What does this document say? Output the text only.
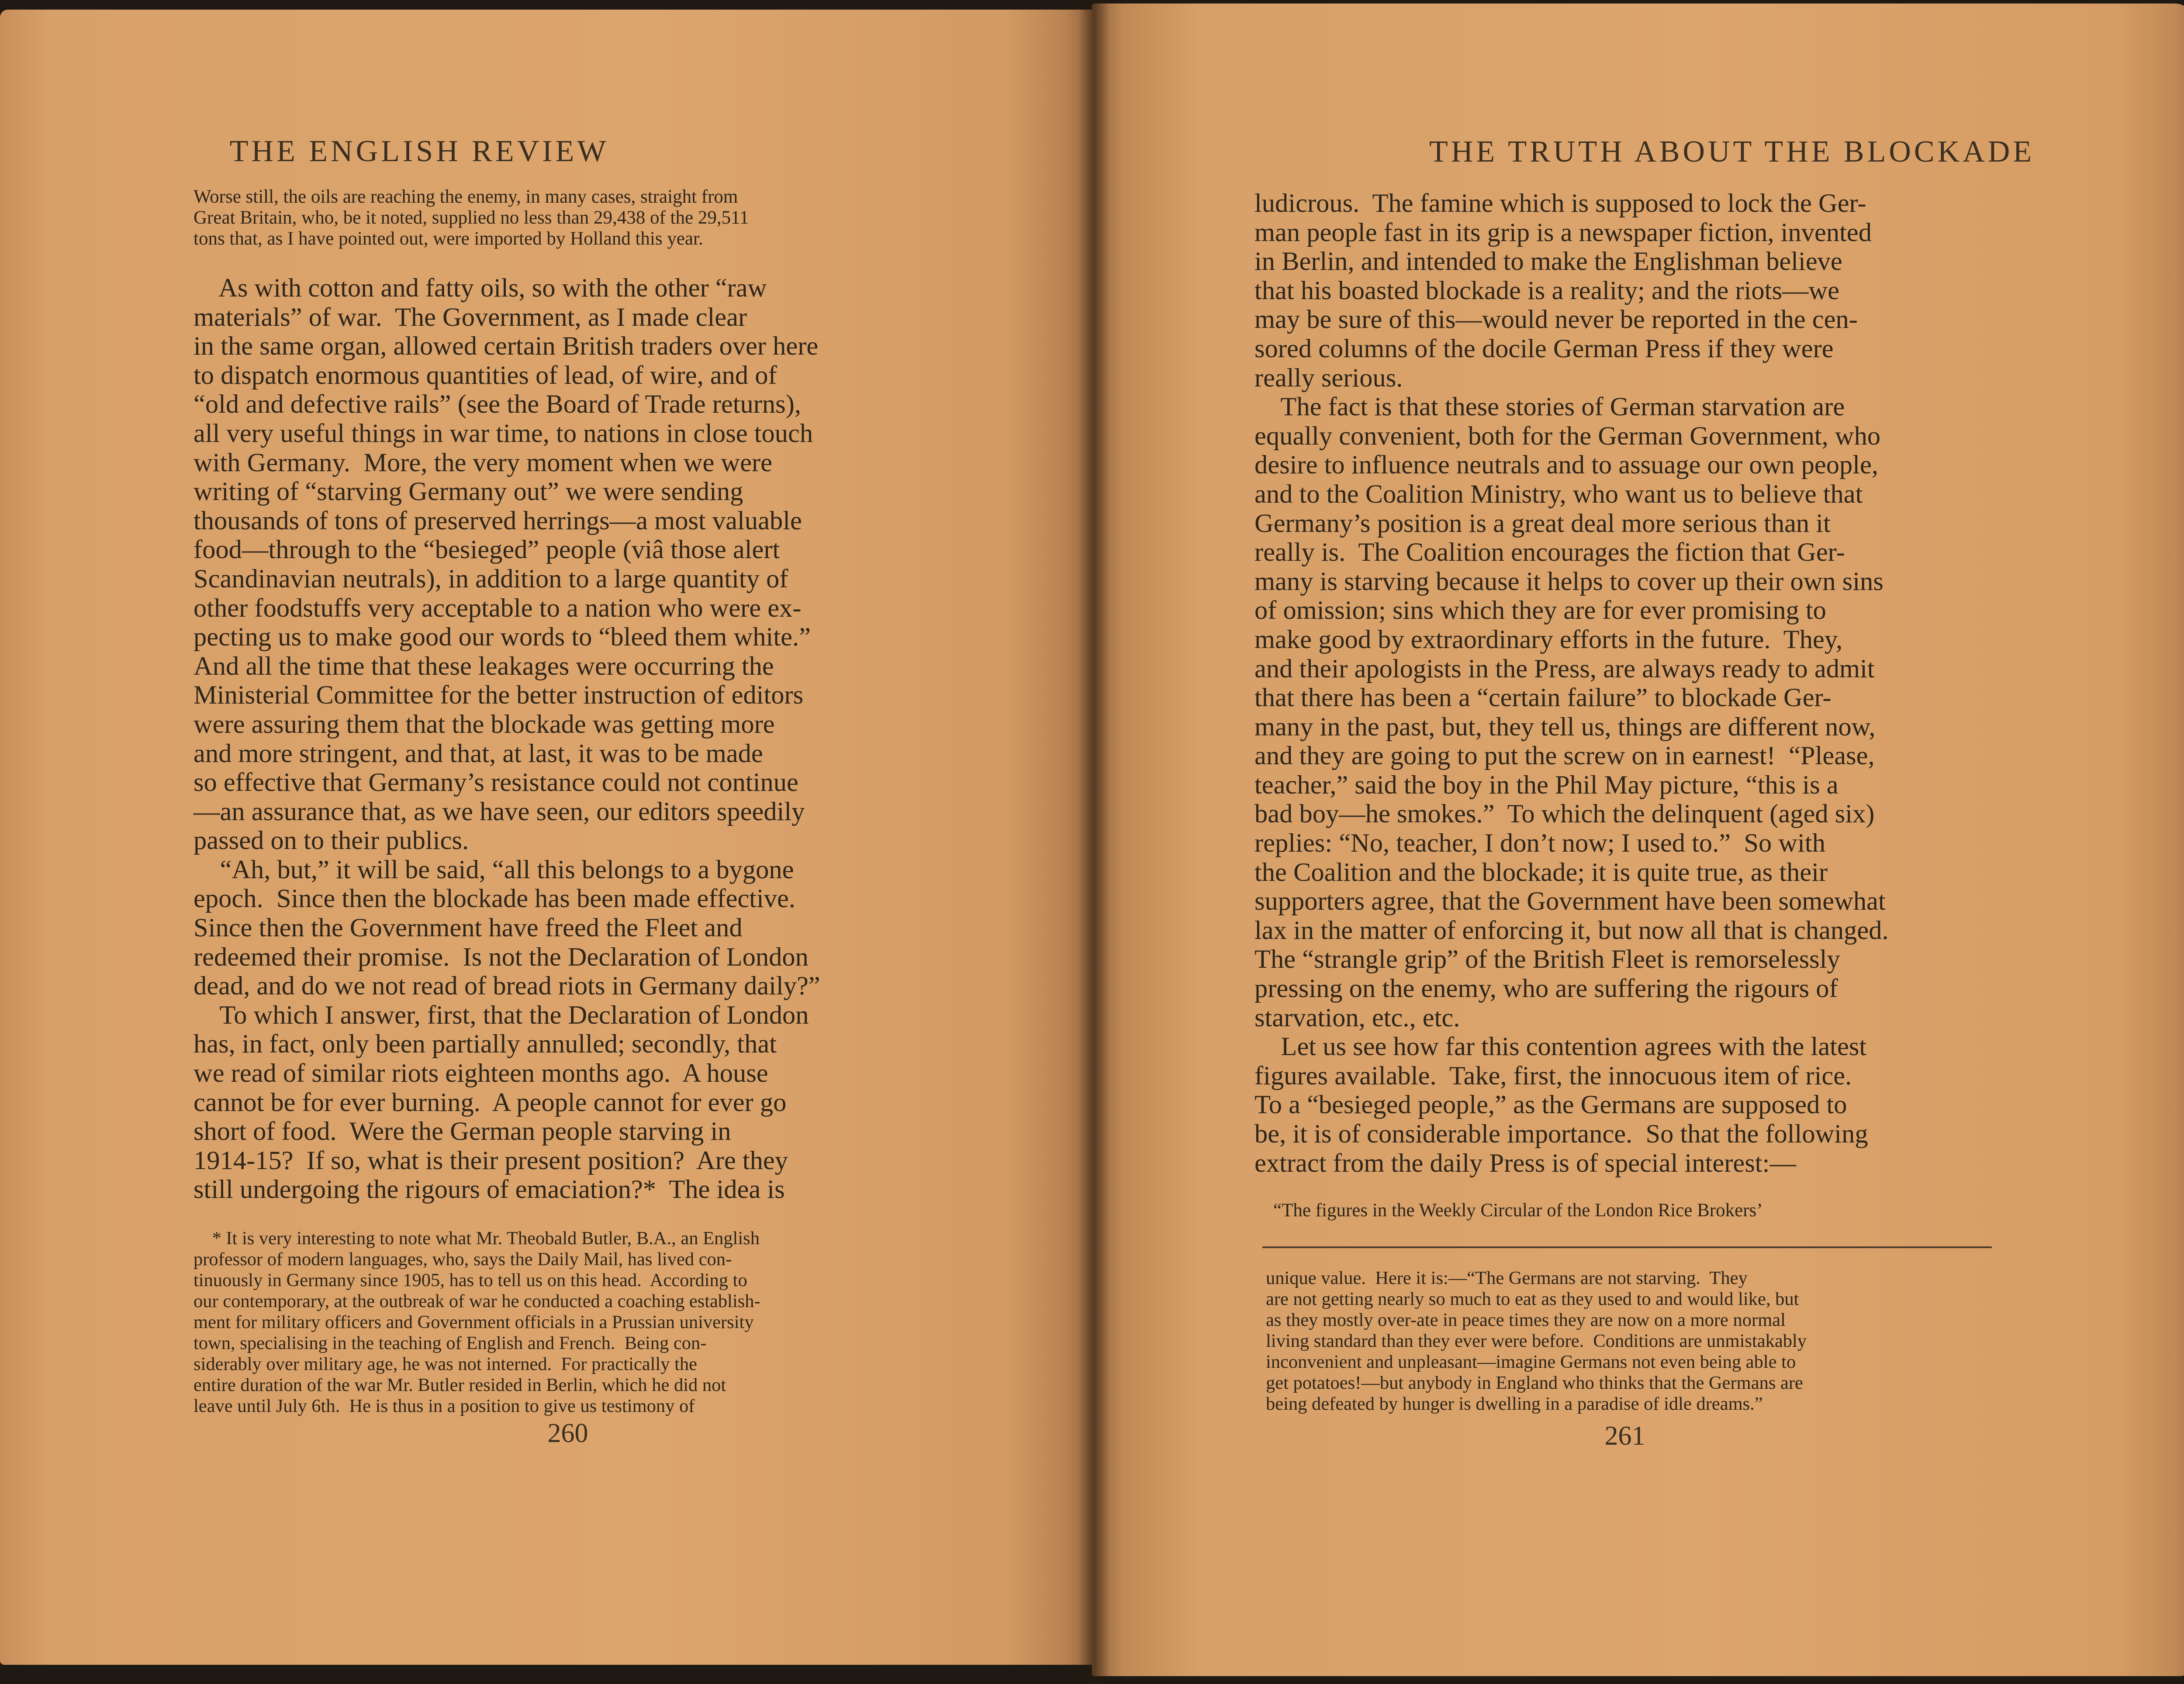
THE ENGLISH REVIEW
Worse still, the oils are reaching the enemy, in many cases, straight from
Great Britain, who, be it noted, supplied no less than 29,438 of the 29,511
tons that, as I have pointed out, were imported by Holland this year.
As with cotton and fatty oils, so with the other “raw
materials” of war.  The Government, as I made clear
in the same organ, allowed certain British traders over here
to dispatch enormous quantities of lead, of wire, and of
“old and defective rails” (see the Board of Trade returns),
all very useful things in war time, to nations in close touch
with Germany.  More, the very moment when we were
writing of “starving Germany out” we were sending
thousands of tons of preserved herrings—a most valuable
food—through to the “besieged” people (viâ those alert
Scandinavian neutrals), in addition to a large quantity of
other foodstuffs very acceptable to a nation who were ex-
pecting us to make good our words to “bleed them white.”
And all the time that these leakages were occurring the
Ministerial Committee for the better instruction of editors
were assuring them that the blockade was getting more
and more stringent, and that, at last, it was to be made
so effective that Germany’s resistance could not continue
—an assurance that, as we have seen, our editors speedily
passed on to their publics.
“Ah, but,” it will be said, “all this belongs to a bygone
epoch.  Since then the blockade has been made effective.
Since then the Government have freed the Fleet and
redeemed their promise.  Is not the Declaration of London
dead, and do we not read of bread riots in Germany daily?”
To which I answer, first, that the Declaration of London
has, in fact, only been partially annulled; secondly, that
we read of similar riots eighteen months ago.  A house
cannot be for ever burning.  A people cannot for ever go
short of food.  Were the German people starving in
1914-15?  If so, what is their present position?  Are they
still undergoing the rigours of emaciation?*  The idea is
* It is very interesting to note what Mr. Theobald Butler, B.A., an English
professor of modern languages, who, says the Daily Mail, has lived con-
tinuously in Germany since 1905, has to tell us on this head.  According to
our contemporary, at the outbreak of war he conducted a coaching establish-
ment for military officers and Government officials in a Prussian university
town, specialising in the teaching of English and French.  Being con-
siderably over military age, he was not interned.  For practically the
entire duration of the war Mr. Butler resided in Berlin, which he did not
leave until July 6th.  He is thus in a position to give us testimony of
260
THE TRUTH ABOUT THE BLOCKADE
ludicrous.  The famine which is supposed to lock the Ger-
man people fast in its grip is a newspaper fiction, invented
in Berlin, and intended to make the Englishman believe
that his boasted blockade is a reality; and the riots—we
may be sure of this—would never be reported in the cen-
sored columns of the docile German Press if they were
really serious.
The fact is that these stories of German starvation are
equally convenient, both for the German Government, who
desire to influence neutrals and to assuage our own people,
and to the Coalition Ministry, who want us to believe that
Germany’s position is a great deal more serious than it
really is.  The Coalition encourages the fiction that Ger-
many is starving because it helps to cover up their own sins
of omission; sins which they are for ever promising to
make good by extraordinary efforts in the future.  They,
and their apologists in the Press, are always ready to admit
that there has been a “certain failure” to blockade Ger-
many in the past, but, they tell us, things are different now,
and they are going to put the screw on in earnest!  “Please,
teacher,” said the boy in the Phil May picture, “this is a
bad boy—he smokes.”  To which the delinquent (aged six)
replies: “No, teacher, I don’t now; I used to.”  So with
the Coalition and the blockade; it is quite true, as their
supporters agree, that the Government have been somewhat
lax in the matter of enforcing it, but now all that is changed.
The “strangle grip” of the British Fleet is remorselessly
pressing on the enemy, who are suffering the rigours of
starvation, etc., etc.
Let us see how far this contention agrees with the latest
figures available.  Take, first, the innocuous item of rice.
To a “besieged people,” as the Germans are supposed to
be, it is of considerable importance.  So that the following
extract from the daily Press is of special interest:—
“The figures in the Weekly Circular of the London Rice Brokers’
unique value.  Here it is:—“The Germans are not starving.  They
are not getting nearly so much to eat as they used to and would like, but
as they mostly over-ate in peace times they are now on a more normal
living standard than they ever were before.  Conditions are unmistakably
inconvenient and unpleasant—imagine Germans not even being able to
get potatoes!—but anybody in England who thinks that the Germans are
being defeated by hunger is dwelling in a paradise of idle dreams.”
261
